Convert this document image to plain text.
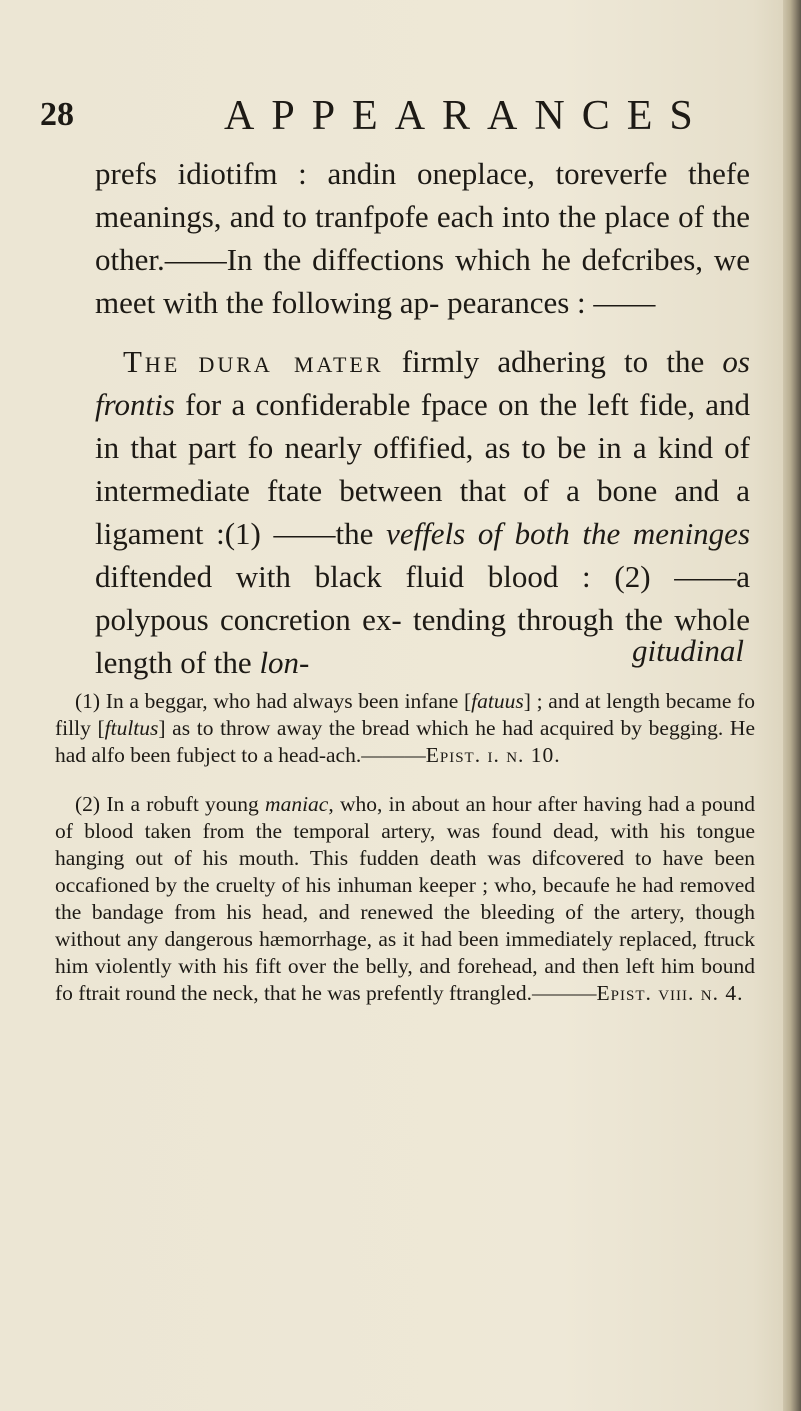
28	APPEARANCES

prefs idiotifm : andin oneplace, toreverfe thefe meanings, and to tranfpofe each into the place of the other.——In the diffections which he defcribes, we meet with the following ap- pearances : ——

The dura mater firmly adhering to the os frontis for a confiderable fpace on the left fide, and in that part fo nearly offified, as to be in a kind of intermediate ftate between that of a bone and a ligament :(1) ——the veffels of both the meninges diftended with black fluid blood : (2) ——a polypous concretion ex- tending through the whole length of the lon-	gitudinal

(1) In a beggar, who had always been infane [fatuus] ; and at length became fo filly [ftultus] as to throw away the bread which he had acquired by begging. He had alfo been fubject to a head-ach.———Epist. i. n. 10.

(2) In a robuft young maniac, who, in about an hour after having had a pound of blood taken from the temporal artery, was found dead, with his tongue hanging out of his mouth. This fudden death was difcovered to have been occafioned by the cruelty of his inhuman keeper ; who, becaufe he had removed the bandage from his head, and renewed the bleeding of the artery, though without any dangerous hæmorrhage, as it had been immediately replaced, ftruck him violently with his fift over the belly, and forehead, and then left him bound fo ftrait round the neck, that he was prefently ftrangled.———Epist. viii. n. 4.
